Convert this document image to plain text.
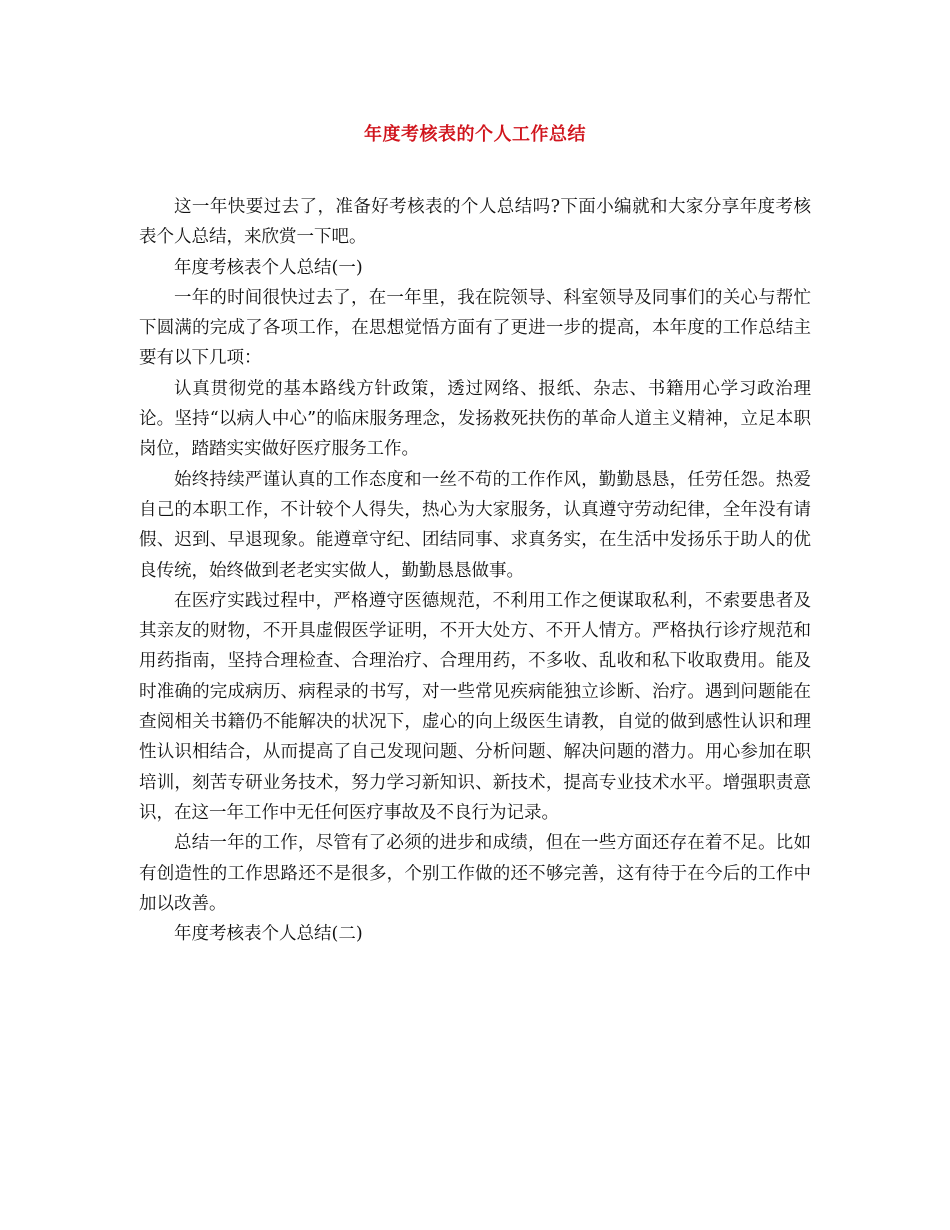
年度考核表的个人工作总结

这一年快要过去了，准备好考核表的个人总结吗?下面小编就和大家分享年度考核表个人总结，来欣赏一下吧。

年度考核表个人总结(一)

一年的时间很快过去了，在一年里，我在院领导、科室领导及同事们的关心与帮忙下圆满的完成了各项工作，在思想觉悟方面有了更进一步的提高，本年度的工作总结主要有以下几项：

认真贯彻党的基本路线方针政策，透过网络、报纸、杂志、书籍用心学习政治理论。坚持“以病人中心”的临床服务理念，发扬救死扶伤的革命人道主义精神，立足本职岗位，踏踏实实做好医疗服务工作。

始终持续严谨认真的工作态度和一丝不苟的工作作风，勤勤恳恳，任劳任怨。热爱自己的本职工作，不计较个人得失，热心为大家服务，认真遵守劳动纪律，全年没有请假、迟到、早退现象。能遵章守纪、团结同事、求真务实，在生活中发扬乐于助人的优良传统，始终做到老老实实做人，勤勤恳恳做事。

在医疗实践过程中，严格遵守医德规范，不利用工作之便谋取私利，不索要患者及其亲友的财物，不开具虚假医学证明，不开大处方、不开人情方。严格执行诊疗规范和用药指南，坚持合理检查、合理治疗、合理用药，不多收、乱收和私下收取费用。能及时准确的完成病历、病程录的书写，对一些常见疾病能独立诊断、治疗。遇到问题能在查阅相关书籍仍不能解决的状况下，虚心的向上级医生请教，自觉的做到感性认识和理性认识相结合，从而提高了自己发现问题、分析问题、解决问题的潜力。用心参加在职培训，刻苦专研业务技术，努力学习新知识、新技术，提高专业技术水平。增强职责意识，在这一年工作中无任何医疗事故及不良行为记录。

总结一年的工作，尽管有了必须的进步和成绩，但在一些方面还存在着不足。比如有创造性的工作思路还不是很多，个别工作做的还不够完善，这有待于在今后的工作中加以改善。

年度考核表个人总结(二)
